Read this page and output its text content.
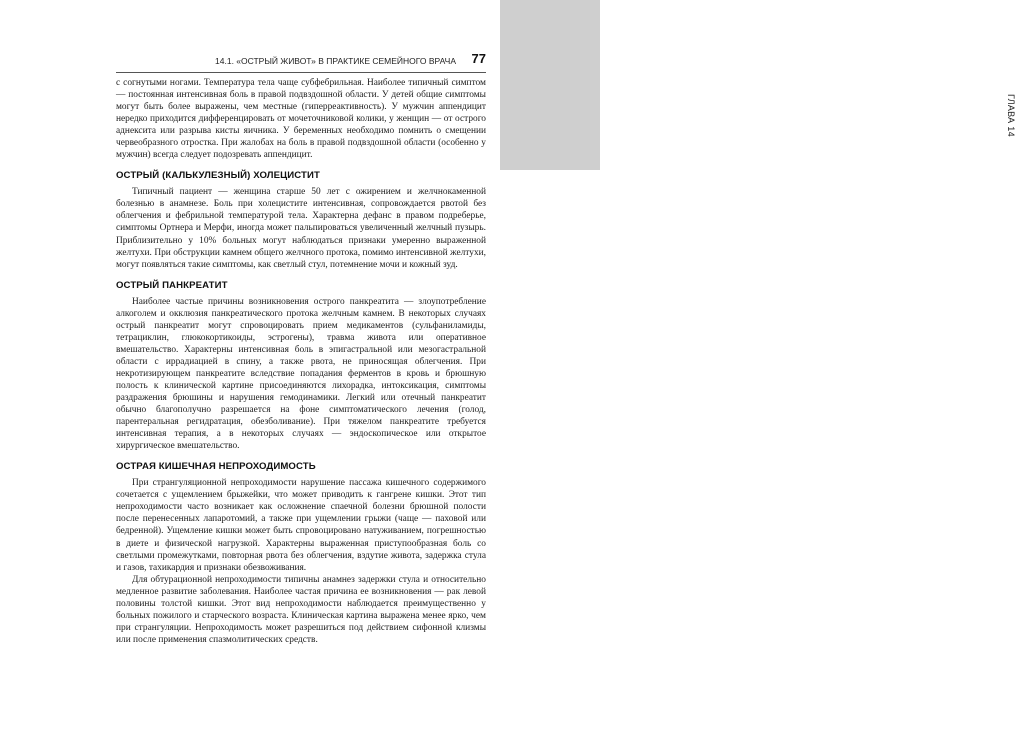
ГЛАВА 14
14.1. «ОСТРЫЙ ЖИВОТ» В ПРАКТИКЕ СЕМЕЙНОГО ВРАЧА 77

с согнутыми ногами. Температура тела чаще субфебрильная. Наиболее типичный симптом — постоянная интенсивная боль в правой подвздошной области. У детей общие симптомы могут быть более выражены, чем местные (гиперреактивность). У мужчин аппендицит нередко приходится дифференцировать от мочеточниковой колики, у женщин — от острого аднексита или разрыва кисты яичника. У беременных необходимо помнить о смещении червеобразного отростка. При жалобах на боль в правой подвздошной области (особенно у мужчин) всегда следует подозревать аппендицит.

ОСТРЫЙ (КАЛЬКУЛЕЗНЫЙ) ХОЛЕЦИСТИТ

Типичный пациент — женщина старше 50 лет с ожирением и желчнокаменной болезнью в анамнезе. Боль при холецистите интенсивная, сопровождается рвотой без облегчения и фебрильной температурой тела. Характерна дефанс в правом подреберье, симптомы Ортнера и Мерфи, иногда может пальпироваться увеличенный желчный пузырь. Приблизительно у 10% больных могут наблюдаться признаки умеренно выраженной желтухи. При обструкции камнем общего желчного протока, помимо интенсивной желтухи, могут появляться такие симптомы, как светлый стул, потемнение мочи и кожный зуд.

ОСТРЫЙ ПАНКРЕАТИТ

Наиболее частые причины возникновения острого панкреатита — злоупотребление алкоголем и окклюзия панкреатического протока желчным камнем. В некоторых случаях острый панкреатит могут спровоцировать прием медикаментов (сульфаниламиды, тетрациклин, глюкокортикоиды, эстрогены), травма живота или оперативное вмешательство. Характерны интенсивная боль в эпигастральной или мезогастральной области с иррадиацией в спину, а также рвота, не приносящая облегчения. При некротизирующем панкреатите вследствие попадания ферментов в кровь и брюшную полость к клинической картине присоединяются лихорадка, интоксикация, симптомы раздражения брюшины и нарушения гемодинамики. Легкий или отечный панкреатит обычно благополучно разрешается на фоне симптоматического лечения (голод, парентеральная регидратация, обезболивание). При тяжелом панкреатите требуется интенсивная терапия, а в некоторых случаях — эндоскопическое или открытое хирургическое вмешательство.

ОСТРАЯ КИШЕЧНАЯ НЕПРОХОДИМОСТЬ

При странгуляционной непроходимости нарушение пассажа кишечного содержимого сочетается с ущемлением брыжейки, что может приводить к гангрене кишки. Этот тип непроходимости часто возникает как осложнение спаечной болезни брюшной полости после перенесенных лапаротомий, а также при ущемлении грыжи (чаще — паховой или бедренной). Ущемление кишки может быть спровоцировано натуживанием, погрешностью в диете и физической нагрузкой. Характерны выраженная приступообразная боль со светлыми промежутками, повторная рвота без облегчения, вздутие живота, задержка стула и газов, тахикардия и признаки обезвоживания.

Для обтурационной непроходимости типичны анамнез задержки стула и относительно медленное развитие заболевания. Наиболее частая причина ее возникновения — рак левой половины толстой кишки. Этот вид непроходимости наблюдается преимущественно у больных пожилого и старческого возраста. Клиническая картина выражена менее ярко, чем при странгуляции. Непроходимость может разрешиться под действием сифонной клизмы или после применения спазмолитических средств.
